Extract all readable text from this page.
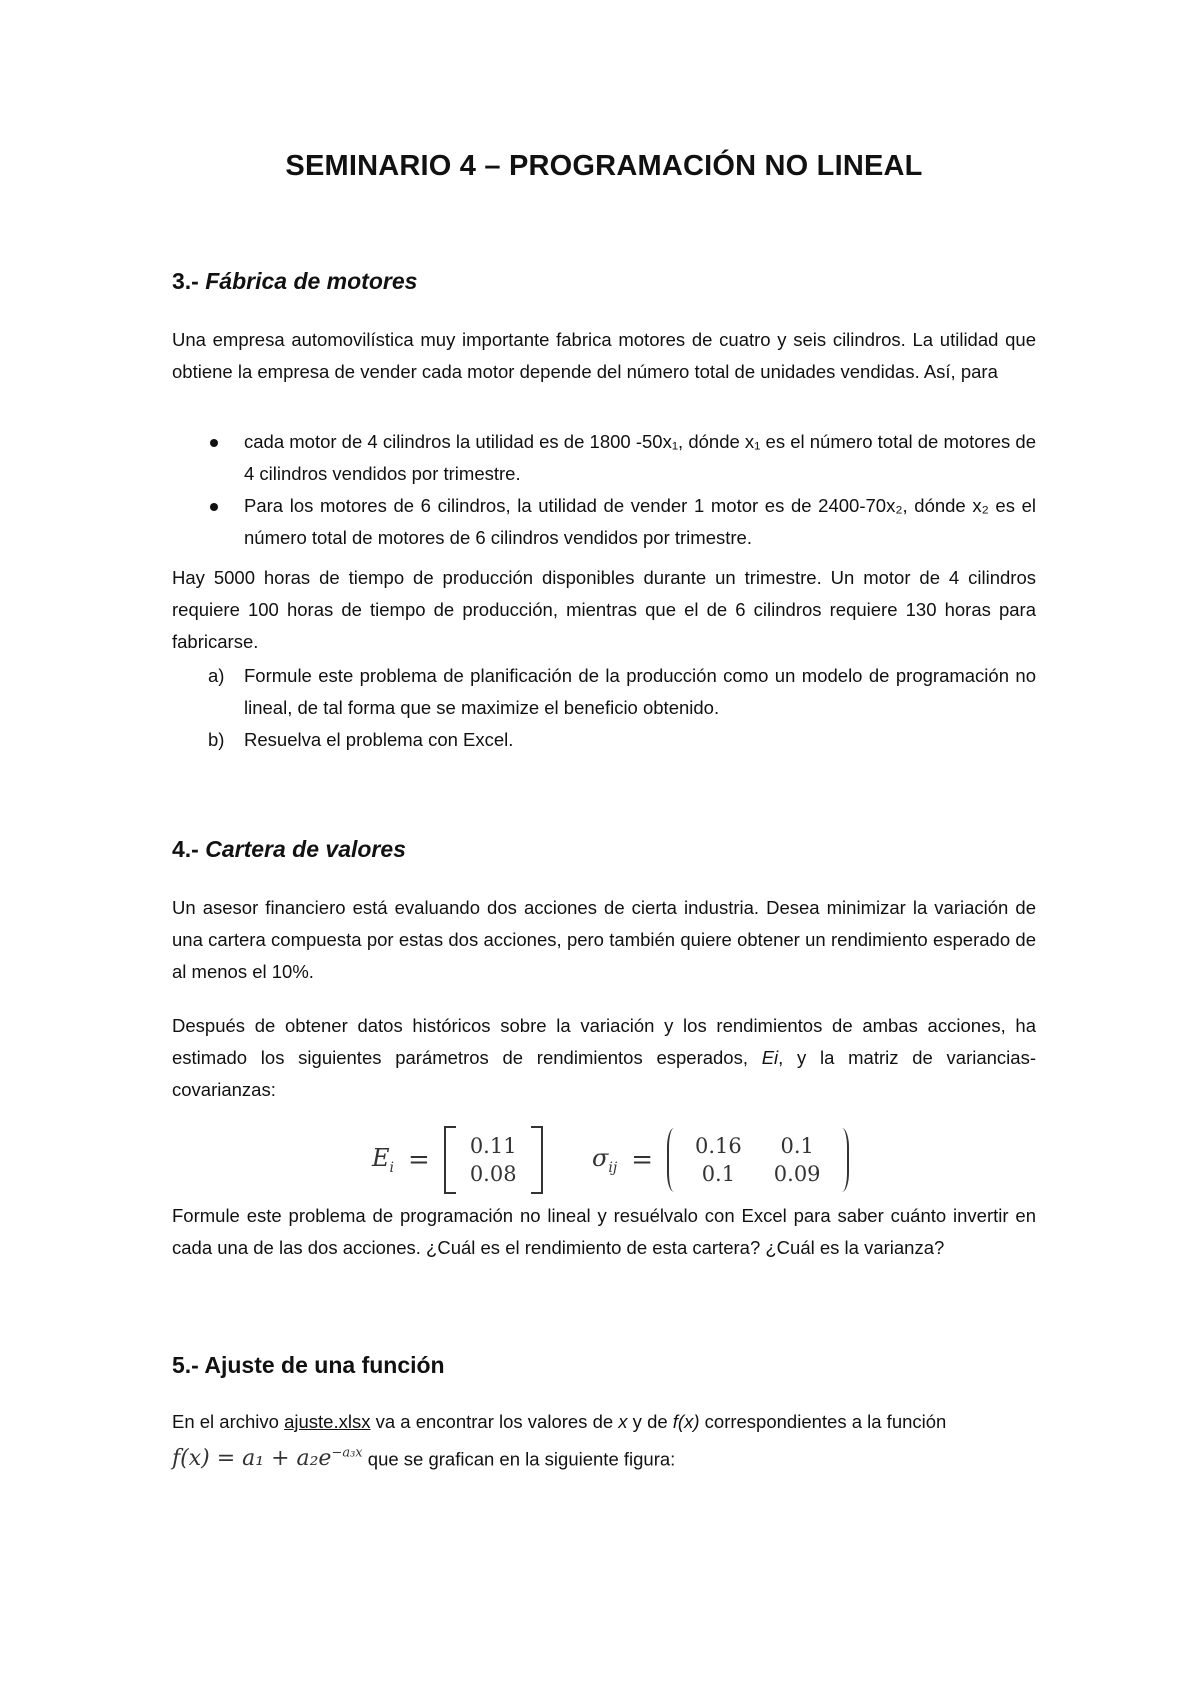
SEMINARIO 4 – PROGRAMACIÓN NO LINEAL
3.- Fábrica de motores

Una empresa automovilística muy importante fabrica motores de cuatro y seis cilindros. La utilidad que obtiene la empresa de vender cada motor depende del número total de unidades vendidas. Así, para

cada motor de 4 cilindros la utilidad es de 1800 -50x₁, dónde x₁ es el número total de motores de 4 cilindros vendidos por trimestre.
Para los motores de 6 cilindros, la utilidad de vender 1 motor es de 2400-70x₂, dónde x₂ es el número total de motores de 6 cilindros vendidos por trimestre.

Hay 5000 horas de tiempo de producción disponibles durante un trimestre. Un motor de 4 cilindros requiere 100 horas de tiempo de producción, mientras que el de 6 cilindros requiere 130 horas para fabricarse.

a) Formule este problema de planificación de la producción como un modelo de programación no lineal, de tal forma que se maximize el beneficio obtenido.
b) Resuelva el problema con Excel.
4.- Cartera de valores

Un asesor financiero está evaluando dos acciones de cierta industria. Desea minimizar la variación de una cartera compuesta por estas dos acciones, pero también quiere obtener un rendimiento esperado de al menos el 10%.

Después de obtener datos históricos sobre la variación y los rendimientos de ambas acciones, ha estimado los siguientes parámetros de rendimientos esperados, Ei, y la matriz de variancias-covarianzas:

$E_i = 0.11$
0.08
$\sigma_{ij} = 0.16$	0.1
0.1	0.09

Formule este problema de programación no lineal y resuélvalo con Excel para saber cuánto invertir en cada una de las dos acciones. ¿Cuál es el rendimiento de esta cartera? ¿Cuál es la varianza?

5.- Ajuste de una función

En el archivo ajuste.xlsx va a encontrar los valores de x y de f(x) correspondientes a la función
$f(x) = a_1 + a_2e^{-a_3x}$ que se grafican en la siguiente figura:
